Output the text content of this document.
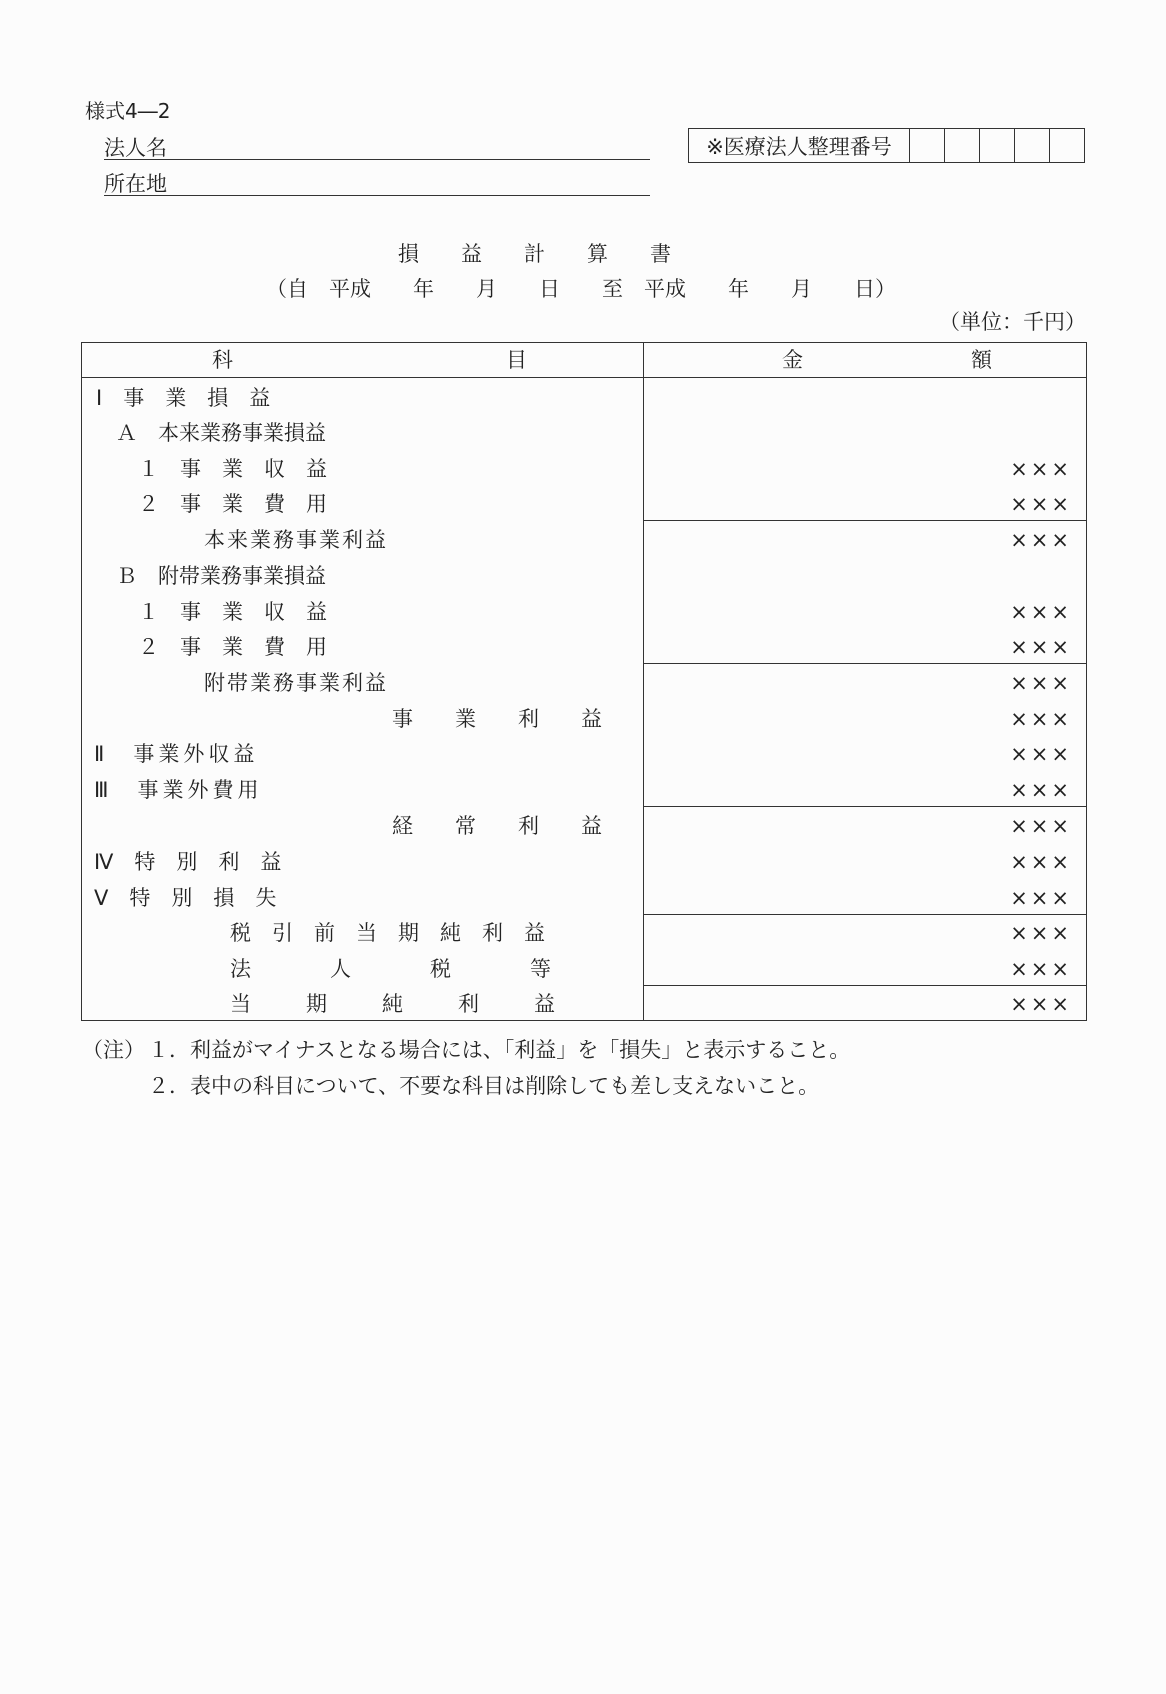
様式4―2
法人名
所在地
※医療法人整理番号
損　　益　　計　　算　　書
（自　平成　　年　　月　　日　　至　平成　　年　　月　　日）
（単位：千円）
科　　　　　　　　　　　　　目	金　　　　　　　　額
Ⅰ　事　業　損　益
Ａ　本来業務事業損益
１　事　業　収　益
２　事　業　費　用
本来業務事業利益
Ｂ　附帯業務事業損益
１　事　業　収　益
２　事　業　費　用
附帯業務事業利益
事　　業　　利　　益
Ⅱ　事業外収益
Ⅲ　事業外費用
経　　常　　利　　益
Ⅳ　特　別　利　益
Ⅴ　特　別　損　失
税　引　前　当　期　純　利　益
法　　　　人　　　　税　　　　等
当　　　期　　　純　　　利　　　益
×××
×××
×××
×××
×××
×××
×××
×××
×××
×××
×××
×××
×××
×××
×××
（注） １．利益がマイナスとなる場合には、「利益」を「損失」と表示すること。
２．表中の科目について、不要な科目は削除しても差し支えないこと。
